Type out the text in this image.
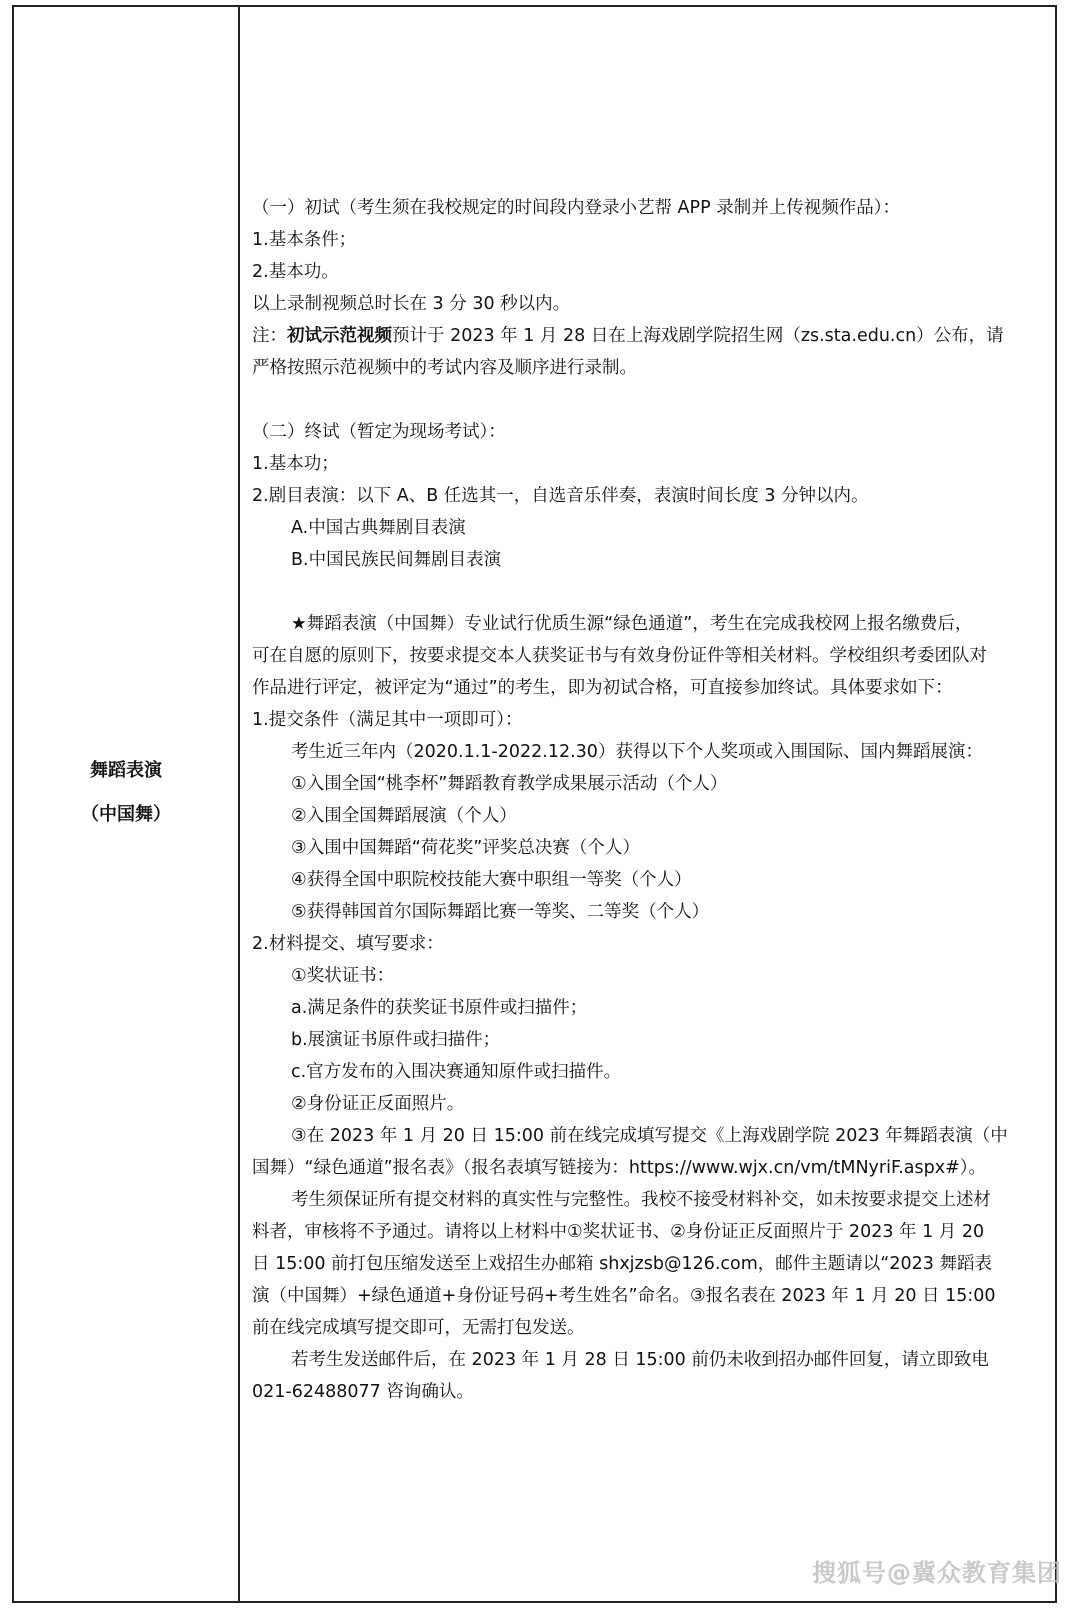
舞蹈表演
（中国舞）
（一）初试（考生须在我校规定的时间段内登录小艺帮 APP 录制并上传视频作品）：
1.基本条件；
2.基本功。
以上录制视频总时长在 3 分 30 秒以内。
注：初试示范视频预计于 2023 年 1 月 28 日在上海戏剧学院招生网（zs.sta.edu.cn）公布，请
严格按照示范视频中的考试内容及顺序进行录制。
（二）终试（暂定为现场考试）：
1.基本功；
2.剧目表演：以下 A、B 任选其一，自选音乐伴奏，表演时间长度 3 分钟以内。
A.中国古典舞剧目表演
B.中国民族民间舞剧目表演
★舞蹈表演（中国舞）专业试行优质生源“绿色通道”，考生在完成我校网上报名缴费后，
可在自愿的原则下，按要求提交本人获奖证书与有效身份证件等相关材料。学校组织考委团队对
作品进行评定，被评定为“通过”的考生，即为初试合格，可直接参加终试。具体要求如下：
1.提交条件（满足其中一项即可）：
考生近三年内（2020.1.1-2022.12.30）获得以下个人奖项或入围国际、国内舞蹈展演：
①入围全国“桃李杯”舞蹈教育教学成果展示活动（个人）
②入围全国舞蹈展演（个人）
③入围中国舞蹈“荷花奖”评奖总决赛（个人）
④获得全国中职院校技能大赛中职组一等奖（个人）
⑤获得韩国首尔国际舞蹈比赛一等奖、二等奖（个人）
2.材料提交、填写要求：
①奖状证书：
a.满足条件的获奖证书原件或扫描件；
b.展演证书原件或扫描件；
c.官方发布的入围决赛通知原件或扫描件。
②身份证正反面照片。
③在 2023 年 1 月 20 日 15:00 前在线完成填写提交《上海戏剧学院 2023 年舞蹈表演（中
国舞）“绿色通道”报名表》（报名表填写链接为：https://www.wjx.cn/vm/tMNyriF.aspx#）。
考生须保证所有提交材料的真实性与完整性。我校不接受材料补交，如未按要求提交上述材
料者，审核将不予通过。请将以上材料中①奖状证书、②身份证正反面照片于 2023 年 1 月 20
日 15:00 前打包压缩发送至上戏招生办邮箱 shxjzsb@126.com，邮件主题请以“2023 舞蹈表
演（中国舞）+绿色通道+身份证号码+考生姓名”命名。③报名表在 2023 年 1 月 20 日 15:00
前在线完成填写提交即可，无需打包发送。
若考生发送邮件后，在 2023 年 1 月 28 日 15:00 前仍未收到招办邮件回复，请立即致电
021-62488077 咨询确认。
搜狐号@冀众教育集团
